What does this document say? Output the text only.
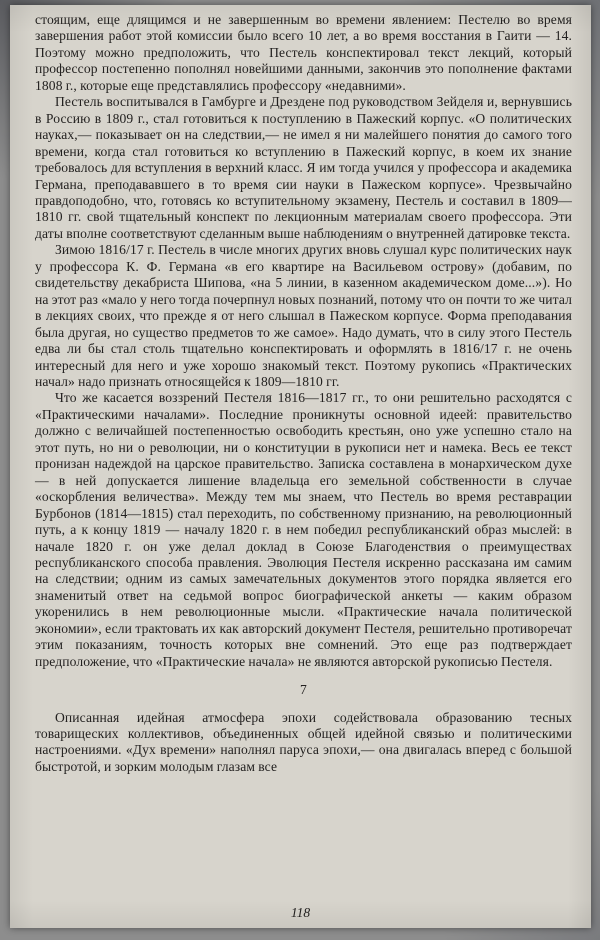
стоящим, еще длящимся и не завершенным во времени явлением: Пестелю во время завершения работ этой комиссии было всего 10 лет, а во время восстания в Гаити — 14. Поэтому можно предположить, что Пестель конспектировал текст лекций, который профессор постепенно пополнял новейшими данными, закончив это пополнение фактами 1808 г., которые еще представлялись профессору «недавними».

Пестель воспитывался в Гамбурге и Дрездене под руководством Зейделя и, вернувшись в Россию в 1809 г., стал готовиться к поступлению в Пажеский корпус. «О политических науках,— показывает он на следствии,— не имел я ни малейшего понятия до самого того времени, когда стал готовиться ко вступлению в Пажеский корпус, в коем их знание требовалось для вступления в верхний класс. Я им тогда учился у профессора и академика Германа, преподававшего в то время сии науки в Пажеском корпусе». Чрезвычайно правдоподобно, что, готовясь ко вступительному экзамену, Пестель и составил в 1809—1810 гг. свой тщательный конспект по лекционным материалам своего профессора. Эти даты вполне соответствуют сделанным выше наблюдениям о внутренней датировке текста.

Зимою 1816/17 г. Пестель в числе многих других вновь слушал курс политических наук у профессора К. Ф. Германа «в его квартире на Васильевом острову» (добавим, по свидетельству декабриста Шипова, «на 5 линии, в казенном академическом доме...»). Но на этот раз «мало у него тогда почерпнул новых познаний, потому что он почти то же читал в лекциях своих, что прежде я от него слышал в Пажеском корпусе. Форма преподавания была другая, но существо предметов то же самое». Надо думать, что в силу этого Пестель едва ли бы стал столь тщательно конспектировать и оформлять в 1816/17 г. не очень интересный для него и уже хорошо знакомый текст. Поэтому рукопись «Практических начал» надо признать относящейся к 1809—1810 гг.

Что же касается воззрений Пестеля 1816—1817 гг., то они решительно расходятся с «Практическими началами». Последние проникнуты основной идеей: правительство должно с величайшей постепенностью освободить крестьян, оно уже успешно стало на этот путь, но ни о революции, ни о конституции в рукописи нет и намека. Весь ее текст пронизан надеждой на царское правительство. Записка составлена в монархическом духе — в ней допускается лишение владельца его земельной собственности в случае «оскорбления величества». Между тем мы знаем, что Пестель во время реставрации Бурбонов (1814—1815) стал переходить, по собственному признанию, на революционный путь, а к концу 1819 — началу 1820 г. в нем победил республиканский образ мыслей: в начале 1820 г. он уже делал доклад в Союзе Благоденствия о преимуществах республиканского способа правления. Эволюция Пестеля искренно рассказана им самим на следствии; одним из самых замечательных документов этого порядка является его знаменитый ответ на седьмой вопрос биографической анкеты — каким образом укоренились в нем революционные мысли. «Практические начала политической экономии», если трактовать их как авторский документ Пестеля, решительно противоречат этим показаниям, точность которых вне сомнений. Это еще раз подтверждает предположение, что «Практические начала» не являются авторской рукописью Пестеля.

7

Описанная идейная атмосфера эпохи содействовала образованию тесных товарищеских коллективов, объединенных общей идейной связью и политическими настроениями. «Дух времени» наполнял паруса эпохи,— она двигалась вперед с большой быстротой, и зорким молодым глазам все

118
